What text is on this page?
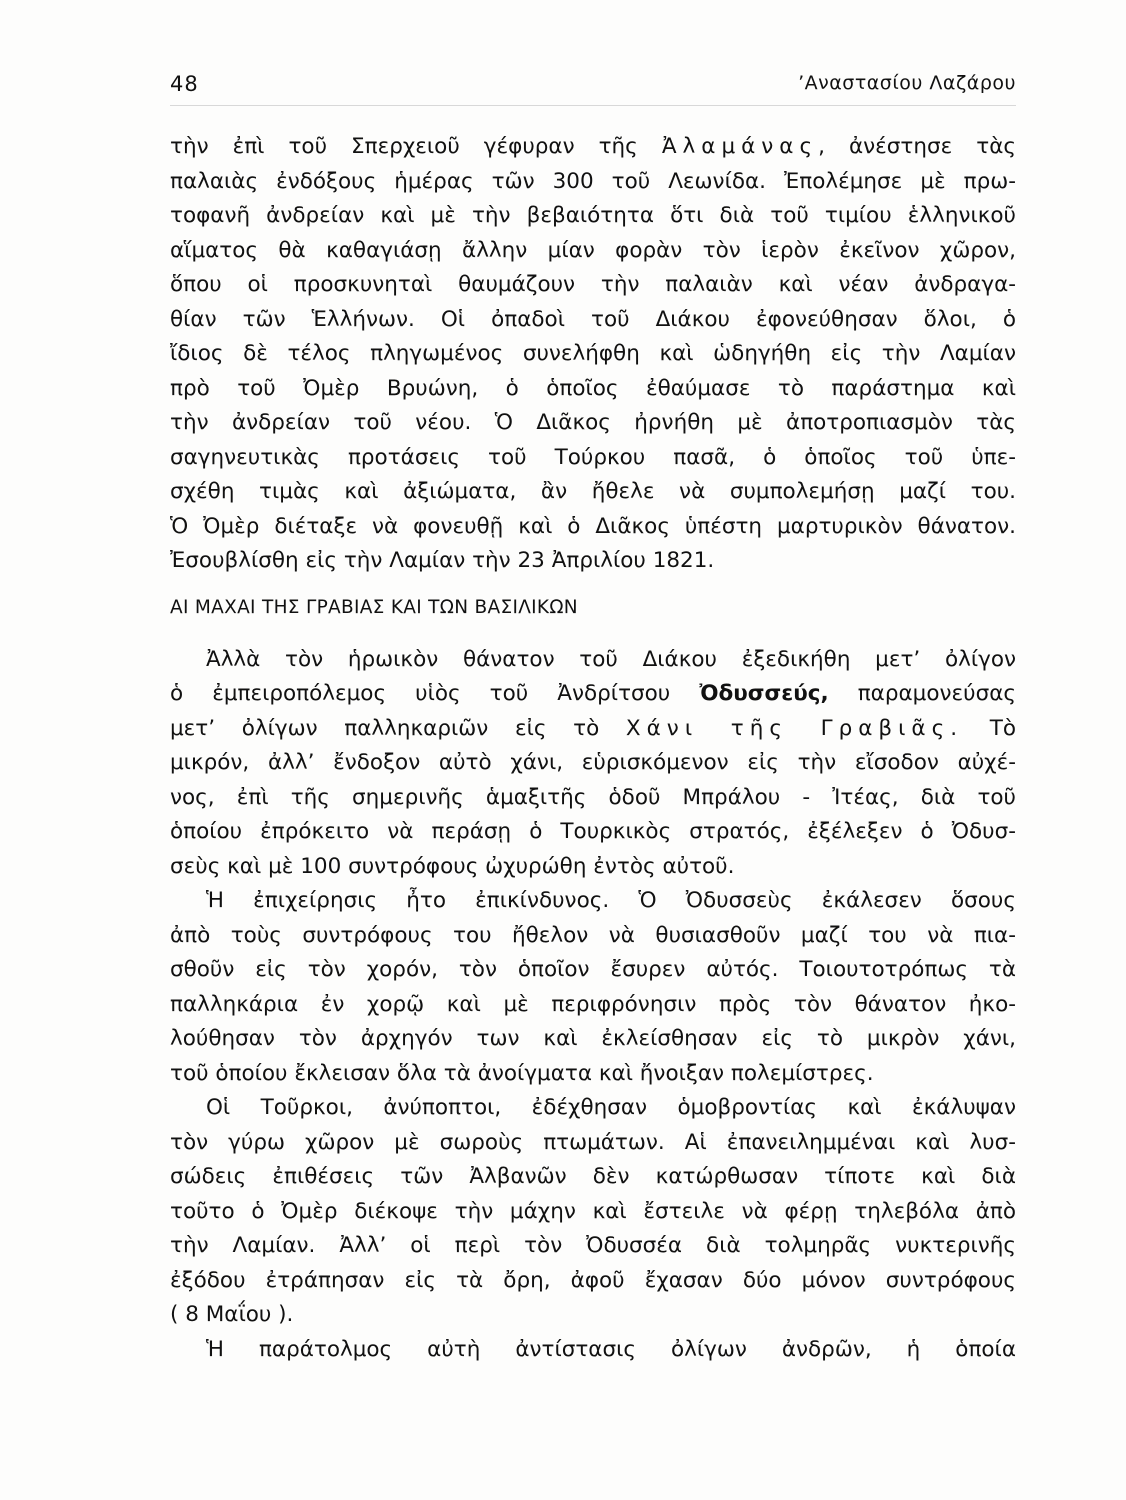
48	’Αναστασίου Λαζάρου
τὴν ἐπὶ τοῦ Σπερχειοῦ γέφυραν τῆς Ἀλαμάνας, ἀνέστησε τὰς
παλαιὰς ἐνδόξους ἡμέρας τῶν 300 τοῦ Λεωνίδα. Ἐπολέμησε μὲ πρω-
τοφανῆ ἀνδρείαν καὶ μὲ τὴν βεβαιότητα ὅτι διὰ τοῦ τιμίου ἑλληνικοῦ
αἵματος θὰ καθαγιάσῃ ἄλλην μίαν φορὰν τὸν ἱερὸν ἐκεῖνον χῶρον,
ὅπου οἱ προσκυνηταὶ θαυμάζουν τὴν παλαιὰν καὶ νέαν ἀνδραγα-
θίαν τῶν Ἑλλήνων. Οἱ ὀπαδοὶ τοῦ Διάκου ἐφονεύθησαν ὅλοι, ὁ
ἴδιος δὲ τέλος πληγωμένος συνελήφθη καὶ ὡδηγήθη εἰς τὴν Λαμίαν
πρὸ τοῦ Ὀμὲρ Βρυώνη, ὁ ὁποῖος ἐθαύμασε τὸ παράστημα καὶ
τὴν ἀνδρείαν τοῦ νέου. Ὁ Διᾶκος ἠρνήθη μὲ ἀποτροπιασμὸν τὰς
σαγηνευτικὰς προτάσεις τοῦ Τούρκου πασᾶ, ὁ ὁποῖος τοῦ ὑπε-
σχέθη τιμὰς καὶ ἀξιώματα, ἂν ἤθελε νὰ συμπολεμήσῃ μαζί του.
Ὁ Ὀμὲρ διέταξε νὰ φονευθῇ καὶ ὁ Διᾶκος ὑπέστη μαρτυρικὸν θάνατον.
Ἐσουβλίσθη εἰς τὴν Λαμίαν τὴν 23 Ἀπριλίου 1821.
ΑΙ ΜΑΧΑΙ ΤΗΣ ΓΡΑΒΙΑΣ ΚΑΙ ΤΩΝ ΒΑΣΙΛΙΚΩΝ
Ἀλλὰ τὸν ἡρωικὸν θάνατον τοῦ Διάκου ἐξεδικήθη μετ’ ὀλίγον
ὁ ἐμπειροπόλεμος υἱὸς τοῦ Ἀνδρίτσου Ὀδυσσεύς, παραμονεύσας
μετ’ ὀλίγων παλληκαριῶν εἰς τὸ Χάνι τῆς Γραβιᾶς. Τὸ
μικρόν, ἀλλ’ ἔνδοξον αὐτὸ χάνι, εὑρισκόμενον εἰς τὴν εἴσοδον αὐχέ-
νος, ἐπὶ τῆς σημερινῆς ἁμαξιτῆς ὁδοῦ Μπράλου - Ἰτέας, διὰ τοῦ
ὁποίου ἐπρόκειτο νὰ περάσῃ ὁ Τουρκικὸς στρατός, ἐξέλεξεν ὁ Ὀδυσ-
σεὺς καὶ μὲ 100 συντρόφους ὠχυρώθη ἐντὸς αὐτοῦ.
Ἡ ἐπιχείρησις ἦτο ἐπικίνδυνος. Ὁ Ὀδυσσεὺς ἐκάλεσεν ὅσους
ἀπὸ τοὺς συντρόφους του ἤθελον νὰ θυσιασθοῦν μαζί του νὰ πια-
σθοῦν εἰς τὸν χορόν, τὸν ὁποῖον ἔσυρεν αὐτός. Τοιουτοτρόπως τὰ
παλληκάρια ἐν χορῷ καὶ μὲ περιφρόνησιν πρὸς τὸν θάνατον ἠκο-
λούθησαν τὸν ἀρχηγόν των καὶ ἐκλείσθησαν εἰς τὸ μικρὸν χάνι,
τοῦ ὁποίου ἔκλεισαν ὅλα τὰ ἀνοίγματα καὶ ἤνοιξαν πολεμίστρες.
Οἱ Τοῦρκοι, ἀνύποπτοι, ἐδέχθησαν ὁμοβροντίας καὶ ἐκάλυψαν
τὸν γύρω χῶρον μὲ σωροὺς πτωμάτων. Αἱ ἐπανειλημμέναι καὶ λυσ-
σώδεις ἐπιθέσεις τῶν Ἀλβανῶν δὲν κατώρθωσαν τίποτε καὶ διὰ
τοῦτο ὁ Ὀμὲρ διέκοψε τὴν μάχην καὶ ἔστειλε νὰ φέρῃ τηλεβόλα ἀπὸ
τὴν Λαμίαν. Ἀλλ’ οἱ περὶ τὸν Ὀδυσσέα διὰ τολμηρᾶς νυκτερινῆς
ἐξόδου ἐτράπησαν εἰς τὰ ὄρη, ἀφοῦ ἔχασαν δύο μόνον συντρόφους
( 8 Μαΐου ).
Ἡ παράτολμος αὐτὴ ἀντίστασις ὀλίγων ἀνδρῶν, ἡ ὁποία
